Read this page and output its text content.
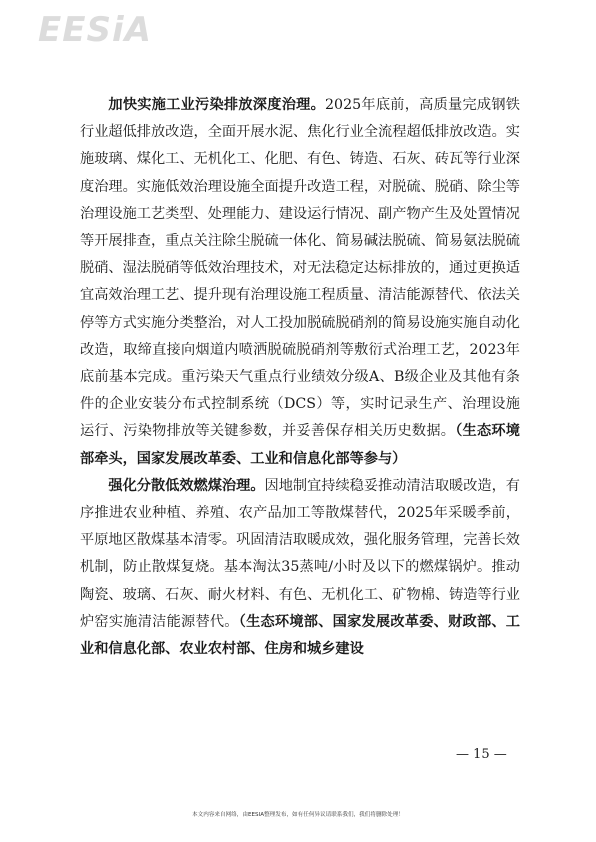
EESiA

加快实施工业污染排放深度治理。2025年底前，高质量完成钢铁行业超低排放改造，全面开展水泥、焦化行业全流程超低排放改造。实施玻璃、煤化工、无机化工、化肥、有色、铸造、石灰、砖瓦等行业深度治理。实施低效治理设施全面提升改造工程，对脱硫、脱硝、除尘等治理设施工艺类型、处理能力、建设运行情况、副产物产生及处置情况等开展排查，重点关注除尘脱硫一体化、简易碱法脱硫、简易氨法脱硫脱硝、湿法脱硝等低效治理技术，对无法稳定达标排放的，通过更换适宜高效治理工艺、提升现有治理设施工程质量、清洁能源替代、依法关停等方式实施分类整治，对人工投加脱硫脱硝剂的简易设施实施自动化改造，取缔直接向烟道内喷洒脱硫脱硝剂等敷衍式治理工艺，2023年底前基本完成。重污染天气重点行业绩效分级A、B级企业及其他有条件的企业安装分布式控制系统（DCS）等，实时记录生产、治理设施运行、污染物排放等关键参数，并妥善保存相关历史数据。（生态环境部牵头，国家发展改革委、工业和信息化部等参与）

强化分散低效燃煤治理。因地制宜持续稳妥推动清洁取暖改造，有序推进农业种植、养殖、农产品加工等散煤替代，2025年采暖季前，平原地区散煤基本清零。巩固清洁取暖成效，强化服务管理，完善长效机制，防止散煤复烧。基本淘汰35蒸吨/小时及以下的燃煤锅炉。推动陶瓷、玻璃、石灰、耐火材料、有色、无机化工、矿物棉、铸造等行业炉窑实施清洁能源替代。（生态环境部、国家发展改革委、财政部、工业和信息化部、农业农村部、住房和城乡建设

— 15 —
本文内容来自网络，由EESIA整理发布，如有任何异议请联系我们，我们将删除处理！
